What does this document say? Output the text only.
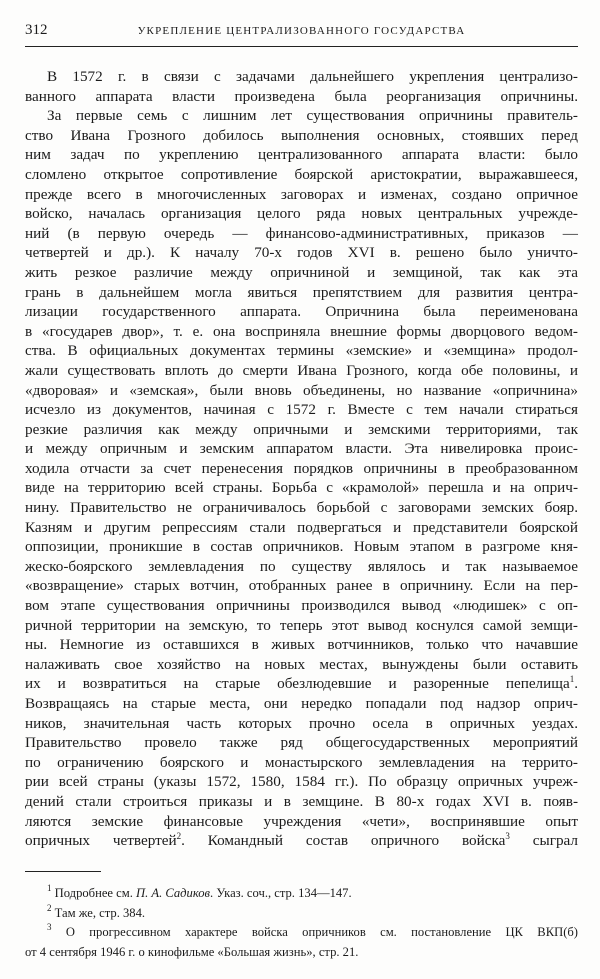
312	УКРЕПЛЕНИЕ ЦЕНТРАЛИЗОВАННОГО ГОСУДАРСТВА
В 1572 г. в связи с задачами дальнейшего укрепления централизо-
ванного аппарата власти произведена была реорганизация опричнины.
За первые семь с лишним лет существования опричнины правитель-
ство Ивана Грозного добилось выполнения основных, стоявших перед
ним задач по укреплению централизованного аппарата власти: было
сломлено открытое сопротивление боярской аристократии, выражавшееся,
прежде всего в многочисленных заговорах и изменах, создано опричное
войско, началась организация целого ряда новых центральных учрежде-
ний (в первую очередь — финансово-административных, приказов —
четвертей и др.). К началу 70-х годов XVI в. решено было уничто-
жить резкое различие между опричниной и земщиной, так как эта
грань в дальнейшем могла явиться препятствием для развития центра-
лизации государственного аппарата. Опричнина была переименована
в «государев двор», т. е. она восприняла внешние формы дворцового ведом-
ства. В официальных документах термины «земские» и «земщина» продол-
жали существовать вплоть до смерти Ивана Грозного, когда обе половины, и
«дворовая» и «земская», были вновь объединены, но название «опричнина»
исчезло из документов, начиная с 1572 г. Вместе с тем начали стираться
резкие различия как между опричными и земскими территориями, так
и между опричным и земским аппаратом власти. Эта нивелировка проис-
ходила отчасти за счет перенесения порядков опричнины в преобразованном
виде на территорию всей страны. Борьба с «крамолой» перешла и на оприч-
нину. Правительство не ограничивалось борьбой с заговорами земских бояр.
Казням и другим репрессиям стали подвергаться и представители боярской
оппозиции, проникшие в состав опричников. Новым этапом в разгроме кня-
жеско-боярского землевладения по существу являлось и так называемое
«возвращение» старых вотчин, отобранных ранее в опричнину. Если на пер-
вом этапе существования опричнины производился вывод «людишек» с оп-
ричной территории на земскую, то теперь этот вывод коснулся самой земщи-
ны. Немногие из оставшихся в живых вотчинников, только что начавшие
налаживать свое хозяйство на новых местах, вынуждены были оставить
их и возвратиться на старые обезлюдевшие и разоренные пепелища$^1$.
Возвращаясь на старые места, они нередко попадали под надзор оприч-
ников, значительная часть которых прочно осела в опричных уездах.
Правительство провело также ряд общегосударственных мероприятий
по ограничению боярского и монастырского землевладения на террито-
рии всей страны (указы 1572, 1580, 1584 гг.). По образцу опричных учреж-
дений стали строиться приказы и в земщине. В 80-х годах XVI в. появ-
ляются земские финансовые учреждения «чети», воспринявшие опыт
опричных четвертей$^2$. Командный состав опричного войска$^3$ сыграл
$^1$ Подробнее см. П. А. Садиков. Указ. соч., стр. 134—147.
$^2$ Там же, стр. 384.
$^3$ О прогрессивном характере войска опричников см. постановление ЦК ВКП(б)
от 4 сентября 1946 г. о кинофильме «Большая жизнь», стр. 21.
